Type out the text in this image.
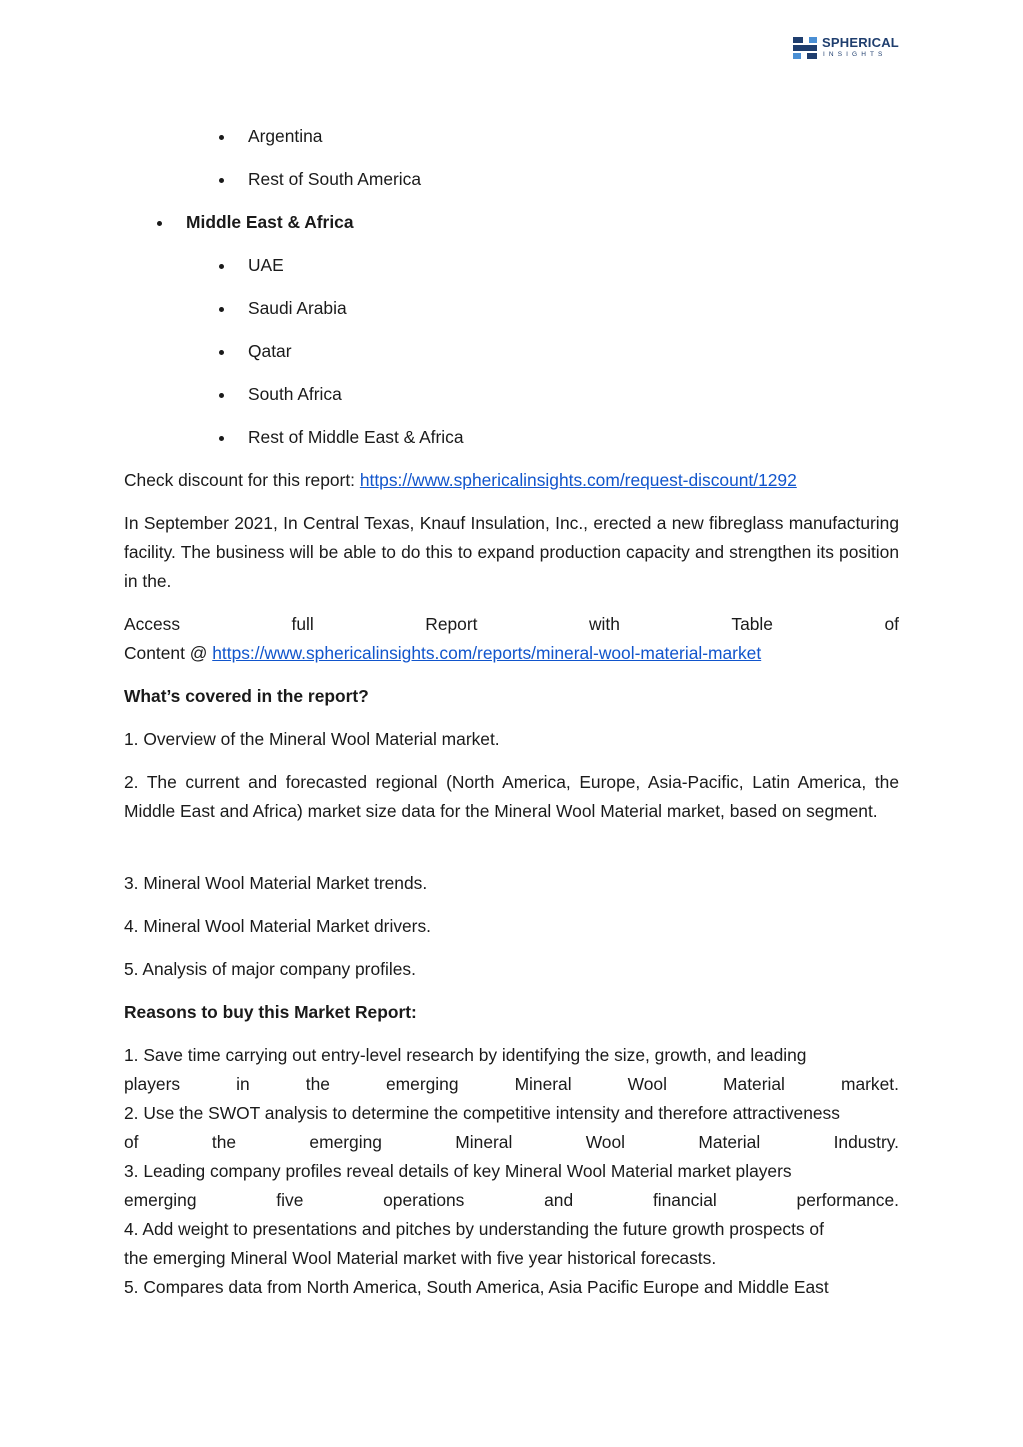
SPHERICAL
INSIGHTS
Argentina
Rest of South America
Middle East & Africa
UAE
Saudi Arabia
Qatar
South Africa
Rest of Middle East & Africa
Check discount for this report: https://www.sphericalinsights.com/request-discount/1292
In September 2021, In Central Texas, Knauf Insulation, Inc., erected a new fibreglass manufacturing facility. The business will be able to do this to expand production capacity and strengthen its position in the.
Access	full	Report	with	Table	of
Content @ https://www.sphericalinsights.com/reports/mineral-wool-material-market
What’s covered in the report?
1. Overview of the Mineral Wool Material market.
2. The current and forecasted regional (North America, Europe, Asia-Pacific, Latin America, the Middle East and Africa) market size data for the Mineral Wool Material market, based on segment.
3. Mineral Wool Material Market trends.
4. Mineral Wool Material Market drivers.
5. Analysis of major company profiles.
Reasons to buy this Market Report:
1. Save time carrying out entry-level research by identifying the size, growth, and leading
players	in	the	emerging	Mineral	Wool	Material	market.
2. Use the SWOT analysis to determine the competitive intensity and therefore attractiveness
of	the	emerging	Mineral	Wool	Material	Industry.
3. Leading company profiles reveal details of key Mineral Wool Material market players
emerging	five	operations	and	financial	performance.
4. Add weight to presentations and pitches by understanding the future growth prospects of
the emerging Mineral Wool Material market with five year historical forecasts.
5. Compares data from North America, South America, Asia Pacific Europe and Middle East
